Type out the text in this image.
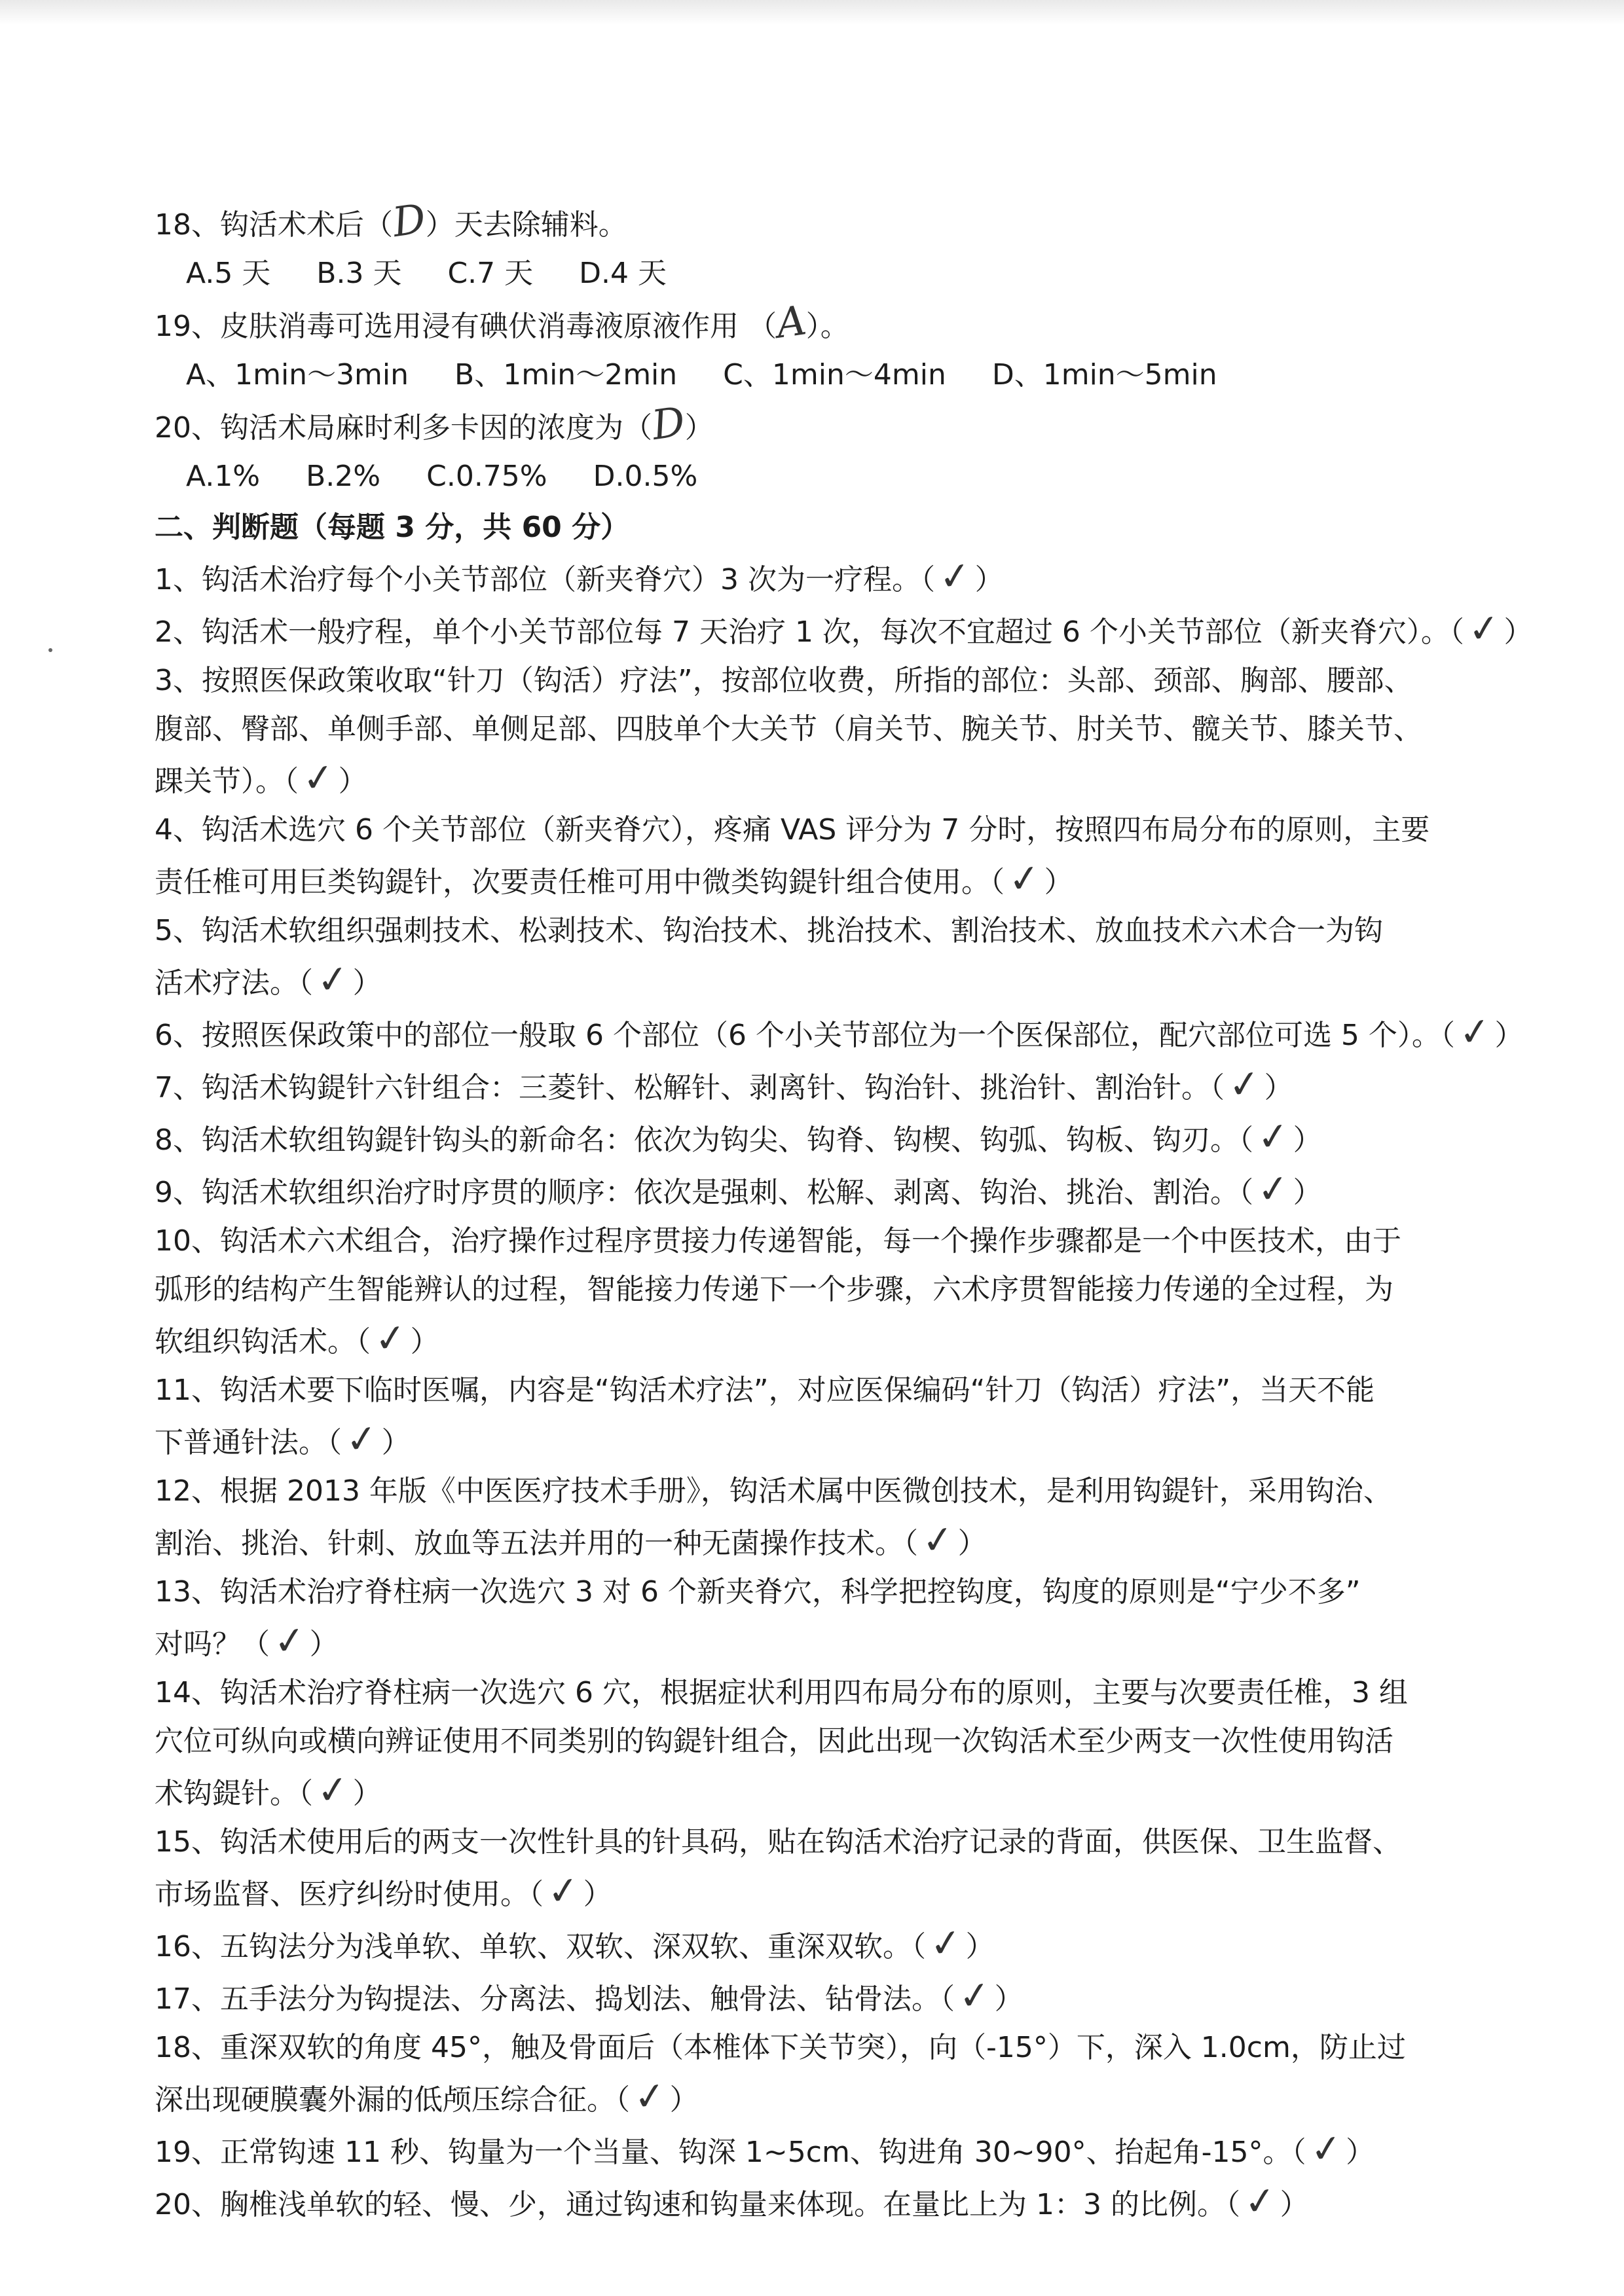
18、钩活术术后（D）天去除辅料。
A.5 天 B.3 天 C.7 天 D.4 天
19、皮肤消毒可选用浸有碘伏消毒液原液作用 （A）。
A、1min～3min B、1min～2min C、1min～4min D、1min～5min
20、钩活术局麻时利多卡因的浓度为（D）
A.1% B.2% C.0.75% D.0.5%
二、判断题（每题 3 分，共 60 分）
1、钩活术治疗每个小关节部位（新夹脊穴）3 次为一疗程。（✓）
2、钩活术一般疗程，单个小关节部位每 7 天治疗 1 次，每次不宜超过 6 个小关节部位（新夹脊穴）。（✓）
3、按照医保政策收取“针刀（钩活）疗法”，按部位收费，所指的部位：头部、颈部、胸部、腰部、
腹部、臀部、单侧手部、单侧足部、四肢单个大关节（肩关节、腕关节、肘关节、髋关节、膝关节、
踝关节）。（✓）
4、钩活术选穴 6 个关节部位（新夹脊穴），疼痛 VAS 评分为 7 分时，按照四布局分布的原则，主要
责任椎可用巨类钩鍉针，次要责任椎可用中微类钩鍉针组合使用。（✓）
5、钩活术软组织强刺技术、松剥技术、钩治技术、挑治技术、割治技术、放血技术六术合一为钩
活术疗法。（✓）
6、按照医保政策中的部位一般取 6 个部位（6 个小关节部位为一个医保部位，配穴部位可选 5 个）。（✓）
7、钩活术钩鍉针六针组合：三菱针、松解针、剥离针、钩治针、挑治针、割治针。（✓）
8、钩活术软组钩鍉针钩头的新命名：依次为钩尖、钩脊、钩楔、钩弧、钩板、钩刃。（✓）
9、钩活术软组织治疗时序贯的顺序：依次是强刺、松解、剥离、钩治、挑治、割治。（✓）
10、钩活术六术组合，治疗操作过程序贯接力传递智能，每一个操作步骤都是一个中医技术，由于
弧形的结构产生智能辨认的过程，智能接力传递下一个步骤，六术序贯智能接力传递的全过程，为
软组织钩活术。（✓）
11、钩活术要下临时医嘱，内容是“钩活术疗法”，对应医保编码“针刀（钩活）疗法”，当天不能
下普通针法。（✓）
12、根据 2013 年版《中医医疗技术手册》，钩活术属中医微创技术，是利用钩鍉针，采用钩治、
割治、挑治、针刺、放血等五法并用的一种无菌操作技术。（✓）
13、钩活术治疗脊柱病一次选穴 3 对 6 个新夹脊穴，科学把控钩度，钩度的原则是“宁少不多”
对吗？（✓）
14、钩活术治疗脊柱病一次选穴 6 穴，根据症状利用四布局分布的原则，主要与次要责任椎，3 组
穴位可纵向或横向辨证使用不同类别的钩鍉针组合，因此出现一次钩活术至少两支一次性使用钩活
术钩鍉针。（✓）
15、钩活术使用后的两支一次性针具的针具码，贴在钩活术治疗记录的背面，供医保、卫生监督、
市场监督、医疗纠纷时使用。（✓）
16、五钩法分为浅单软、单软、双软、深双软、重深双软。（✓）
17、五手法分为钩提法、分离法、捣划法、触骨法、钻骨法。（✓）
18、重深双软的角度 45°，触及骨面后（本椎体下关节突），向（-15°）下，深入 1.0cm，防止过
深出现硬膜囊外漏的低颅压综合征。（✓）
19、正常钩速 11 秒、钩量为一个当量、钩深 1~5cm、钩进角 30~90°、抬起角-15°。（✓）
20、胸椎浅单软的轻、慢、少，通过钩速和钩量来体现。在量比上为 1：3 的比例。（✓）
